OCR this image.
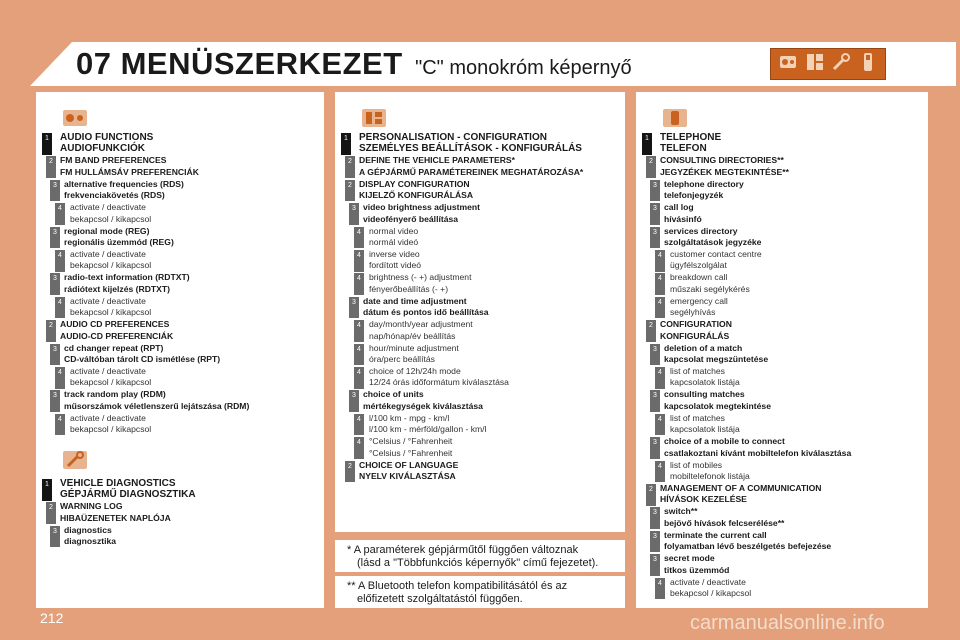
07 MENÜSZERKEZET "C" monokróm képernyő
1	AUDIO FUNCTIONS
AUDIOFUNKCIÓK
2 FM BAND PREFERENCES
FM HULLÁMSÁV PREFERENCIÁK
3 alternative frequencies (RDS)
frekvenciakövetés (RDS)
4 activate / deactivate
bekapcsol / kikapcsol
3 regional mode (REG)
regionális üzemmód (REG)
4 activate / deactivate
bekapcsol / kikapcsol
3 radio-text information (RDTXT)
rádiótext kijelzés (RDTXT)
4 activate / deactivate
bekapcsol / kikapcsol
2 AUDIO CD PREFERENCES
AUDIO-CD PREFERENCIÁK
3 cd changer repeat (RPT)
CD-váltóban tárolt CD ismétlése (RPT)
4 activate / deactivate
bekapcsol / kikapcsol
3 track random play (RDM)
műsorszámok véletlenszerű lejátszása (RDM)
4 activate / deactivate
bekapcsol / kikapcsol
1	VEHICLE DIAGNOSTICS
GÉPJÁRMŰ DIAGNOSZTIKA
2 WARNING LOG
HIBAÜZENETEK NAPLÓJA
3 diagnostics
diagnosztika
1	PERSONALISATION - CONFIGURATION
SZEMÉLYES BEÁLLÍTÁSOK - KONFIGURÁLÁS
2 DEFINE THE VEHICLE PARAMETERS*
A GÉPJÁRMŰ PARAMÉTEREINEK MEGHATÁROZÁSA*
2 DISPLAY CONFIGURATION
KIJELZŐ KONFIGURÁLÁSA
3 video brightness adjustment
videofényerő beállítása
4 normal video
normál videó
4 inverse video
fordított videó
4 brightness (- +) adjustment
fényerőbeállítás (- +)
3 date and time adjustment
dátum és pontos idő beállítása
4 day/month/year adjustment
nap/hónap/év beállítás
4 hour/minute adjustment
óra/perc beállítás
4 choice of 12h/24h mode
12/24 órás időformátum kiválasztása
3 choice of units
mértékegységek kiválasztása
4 l/100 km - mpg - km/l
l/100 km - mérföld/gallon - km/l
4 °Celsius / °Fahrenheit
°Celsius / °Fahrenheit
2 CHOICE OF LANGUAGE
NYELV KIVÁLASZTÁSA
* A paraméterek gépjárműtől függően változnak
(lásd a "Többfunkciós képernyők" című fejezetet).
** A Bluetooth telefon kompatibilitásától és az
előfizetett szolgáltatástól függően.
1	TELEPHONE
TELEFON
2 CONSULTING DIRECTORIES**
JEGYZÉKEK MEGTEKINTÉSE**
3 telephone directory
telefonjegyzék
3 call log
hívásinfó
3 services directory
szolgáltatások jegyzéke
4 customer contact centre
ügyfélszolgálat
4 breakdown call
műszaki segélykérés
4 emergency call
segélyhívás
2 CONFIGURATION
KONFIGURÁLÁS
3 deletion of a match
kapcsolat megszüntetése
4 list of matches
kapcsolatok listája
3 consulting matches
kapcsolatok megtekintése
4 list of matches
kapcsolatok listája
3 choice of a mobile to connect
csatlakoztani kívánt mobiltelefon kiválasztása
4 list of mobiles
mobiltelefonok listája
2 MANAGEMENT OF A COMMUNICATION
HÍVÁSOK KEZELÉSE
3 switch**
bejövő hívások felcserélése**
3 terminate the current call
folyamatban lévő beszélgetés befejezése
3 secret mode
titkos üzemmód
4 activate / deactivate
bekapcsol / kikapcsol
212	carmanualsonline.info
